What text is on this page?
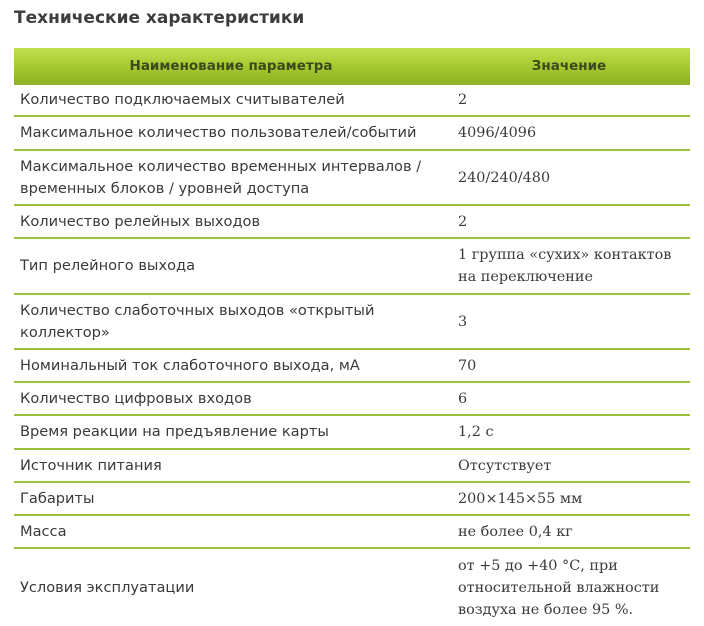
Технические характеристики
Наименование параметра	Значение
Количество подключаемых считывателей	2
Максимальное количество пользователей/событий	4096/4096
Максимальное количество временных интервалов / временных блоков / уровней доступа	240/240/480
Количество релейных выходов	2
Тип релейного выхода	1 группа «сухих» контактов на переключение
Количество слаботочных выходов «открытый коллектор»	3
Номинальный ток слаботочного выхода, мА	70
Количество цифровых входов	6
Время реакции на предъявление карты	1,2 с
Источник питания	Отсутствует
Габариты	200×145×55 мм
Масса	не более 0,4 кг
Условия эксплуатации	от +5 до +40 °С, при относительной влажности воздуха не более 95 %.
